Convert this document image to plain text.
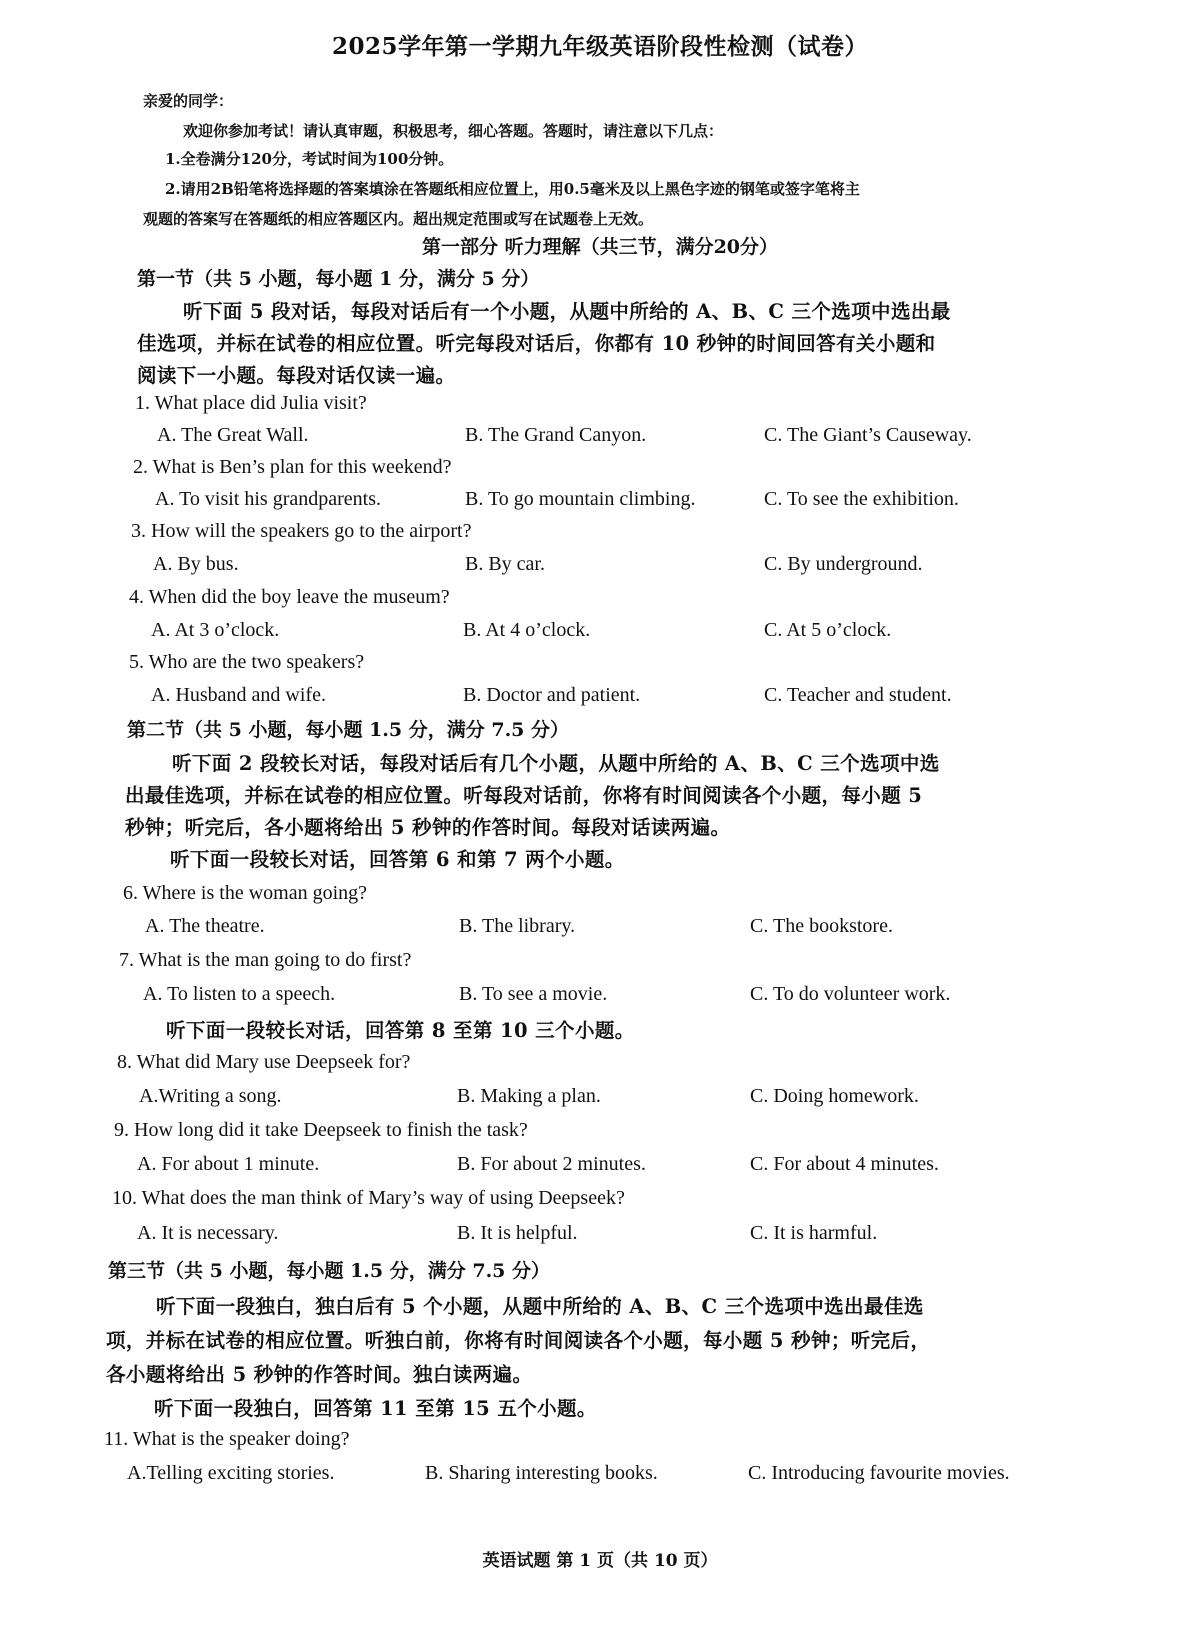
2025学年第一学期九年级英语阶段性检测（试卷）
亲爱的同学：
欢迎你参加考试！请认真审题，积极思考，细心答题。答题时，请注意以下几点：
1.全卷满分120分，考试时间为100分钟。
2.请用2B铅笔将选择题的答案填涂在答题纸相应位置上，用0.5毫米及以上黑色字迹的钢笔或签字笔将主
观题的答案写在答题纸的相应答题区内。超出规定范围或写在试题卷上无效。
第一部分 听力理解（共三节，满分20分）
第一节（共 5 小题，每小题 1 分，满分 5 分）
听下面 5 段对话，每段对话后有一个小题，从题中所给的 A、B、C 三个选项中选出最
佳选项，并标在试卷的相应位置。听完每段对话后，你都有 10 秒钟的时间回答有关小题和
阅读下一小题。每段对话仅读一遍。
1. What place did Julia visit?
A. The Great Wall.	B. The Grand Canyon.	C. The Giant’s Causeway.
2. What is Ben’s plan for this weekend?
A. To visit his grandparents.	B. To go mountain climbing.	C. To see the exhibition.
3. How will the speakers go to the airport?
A. By bus.	B. By car.	C. By underground.
4. When did the boy leave the museum?
A. At 3 o’clock.	B. At 4 o’clock.	C. At 5 o’clock.
5. Who are the two speakers?
A. Husband and wife.	B. Doctor and patient.	C. Teacher and student.
第二节（共 5 小题，每小题 1.5 分，满分 7.5 分）
听下面 2 段较长对话，每段对话后有几个小题，从题中所给的 A、B、C 三个选项中选
出最佳选项，并标在试卷的相应位置。听每段对话前，你将有时间阅读各个小题，每小题 5
秒钟；听完后，各小题将给出 5 秒钟的作答时间。每段对话读两遍。
听下面一段较长对话，回答第 6 和第 7 两个小题。
6. Where is the woman going?
A. The theatre.	B. The library.	C. The bookstore.
7. What is the man going to do first?
A. To listen to a speech.	B. To see a movie.	C. To do volunteer work.
听下面一段较长对话，回答第 8 至第 10 三个小题。
8. What did Mary use Deepseek for?
A.Writing a song.	B. Making a plan.	C. Doing homework.
9. How long did it take Deepseek to finish the task?
A. For about 1 minute.	B. For about 2 minutes.	C. For about 4 minutes.
10. What does the man think of Mary’s way of using Deepseek?
A. It is necessary.	B. It is helpful.	C. It is harmful.
第三节（共 5 小题，每小题 1.5 分，满分 7.5 分）
听下面一段独白，独白后有 5 个小题，从题中所给的 A、B、C 三个选项中选出最佳选
项，并标在试卷的相应位置。听独白前，你将有时间阅读各个小题，每小题 5 秒钟；听完后，
各小题将给出 5 秒钟的作答时间。独白读两遍。
听下面一段独白，回答第 11 至第 15 五个小题。
11. What is the speaker doing?
A.Telling exciting stories.	B. Sharing interesting books.	C. Introducing favourite movies.
英语试题 第 1 页（共 10 页）
